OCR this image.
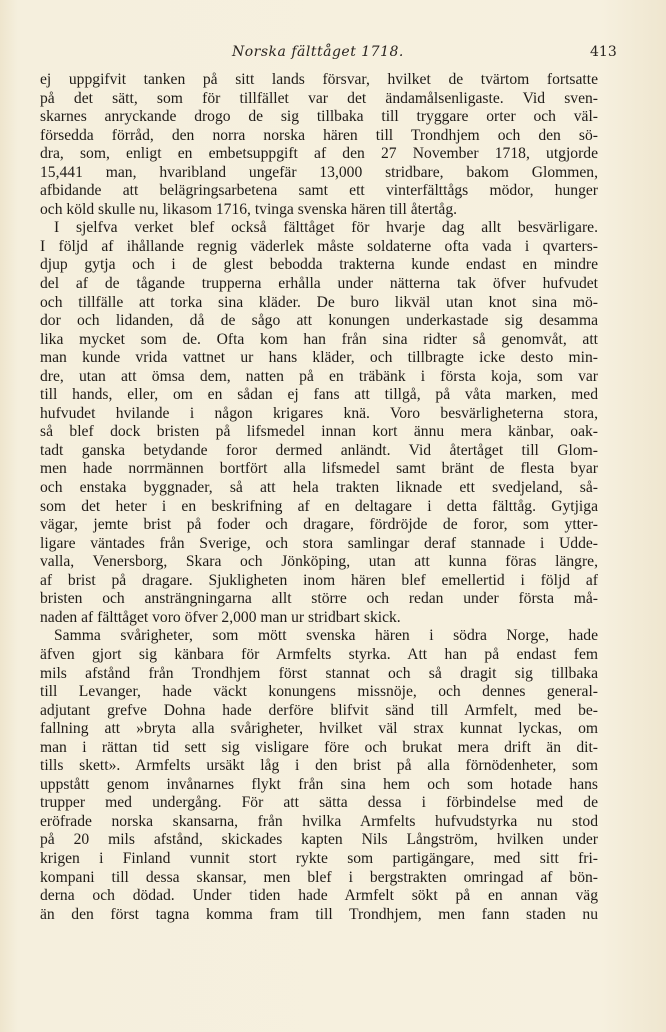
Norska fälttåget 1718.	413
ej uppgifvit tanken på sitt lands försvar, hvilket de tvärtom fortsatte
på det sätt, som för tillfället var det ändamålsenligaste. Vid sven-
skarnes anryckande drogo de sig tillbaka till tryggare orter och väl-
försedda förråd, den norra norska hären till Trondhjem och den sö-
dra, som, enligt en embetsuppgift af den 27 November 1718, utgjorde
15,441 man, hvaribland ungefär 13,000 stridbare, bakom Glommen,
afbidande att belägringsarbetena samt ett vinterfälttågs mödor, hunger
och köld skulle nu, likasom 1716, tvinga svenska hären till återtåg.
I sjelfva verket blef också fälttåget för hvarje dag allt besvärligare.
I följd af ihållande regnig väderlek måste soldaterne ofta vada i qvarters-
djup gytja och i de glest bebodda trakterna kunde endast en mindre
del af de tågande trupperna erhålla under nätterna tak öfver hufvudet
och tillfälle att torka sina kläder. De buro likväl utan knot sina mö-
dor och lidanden, då de sågo att konungen underkastade sig desamma
lika mycket som de. Ofta kom han från sina ridter så genomvåt, att
man kunde vrida vattnet ur hans kläder, och tillbragte icke desto min-
dre, utan att ömsa dem, natten på en träbänk i första koja, som var
till hands, eller, om en sådan ej fans att tillgå, på våta marken, med
hufvudet hvilande i någon krigares knä. Voro besvärligheterna stora,
så blef dock bristen på lifsmedel innan kort ännu mera känbar, oak-
tadt ganska betydande foror dermed anländt. Vid återtåget till Glom-
men hade norrmännen bortfört alla lifsmedel samt bränt de flesta byar
och enstaka byggnader, så att hela trakten liknade ett svedjeland, så-
som det heter i en beskrifning af en deltagare i detta fälttåg. Gytjiga
vägar, jemte brist på foder och dragare, fördröjde de foror, som ytter-
ligare väntades från Sverige, och stora samlingar deraf stannade i Udde-
valla, Venersborg, Skara och Jönköping, utan att kunna föras längre,
af brist på dragare. Sjukligheten inom hären blef emellertid i följd af
bristen och ansträngningarna allt större och redan under första må-
naden af fälttåget voro öfver 2,000 man ur stridbart skick.
Samma svårigheter, som mött svenska hären i södra Norge, hade
äfven gjort sig känbara för Armfelts styrka. Att han på endast fem
mils afstånd från Trondhjem först stannat och så dragit sig tillbaka
till Levanger, hade väckt konungens missnöje, och dennes general-
adjutant grefve Dohna hade derföre blifvit sänd till Armfelt, med be-
fallning att »bryta alla svårigheter, hvilket väl strax kunnat lyckas, om
man i rättan tid sett sig visligare före och brukat mera drift än dit-
tills skett». Armfelts ursäkt låg i den brist på alla förnödenheter, som
uppstått genom invånarnes flykt från sina hem och som hotade hans
trupper med undergång. För att sätta dessa i förbindelse med de
eröfrade norska skansarna, från hvilka Armfelts hufvudstyrka nu stod
på 20 mils afstånd, skickades kapten Nils Långström, hvilken under
krigen i Finland vunnit stort rykte som partigängare, med sitt fri-
kompani till dessa skansar, men blef i bergstrakten omringad af bön-
derna och dödad. Under tiden hade Armfelt sökt på en annan väg
än den först tagna komma fram till Trondhjem, men fann staden nu
